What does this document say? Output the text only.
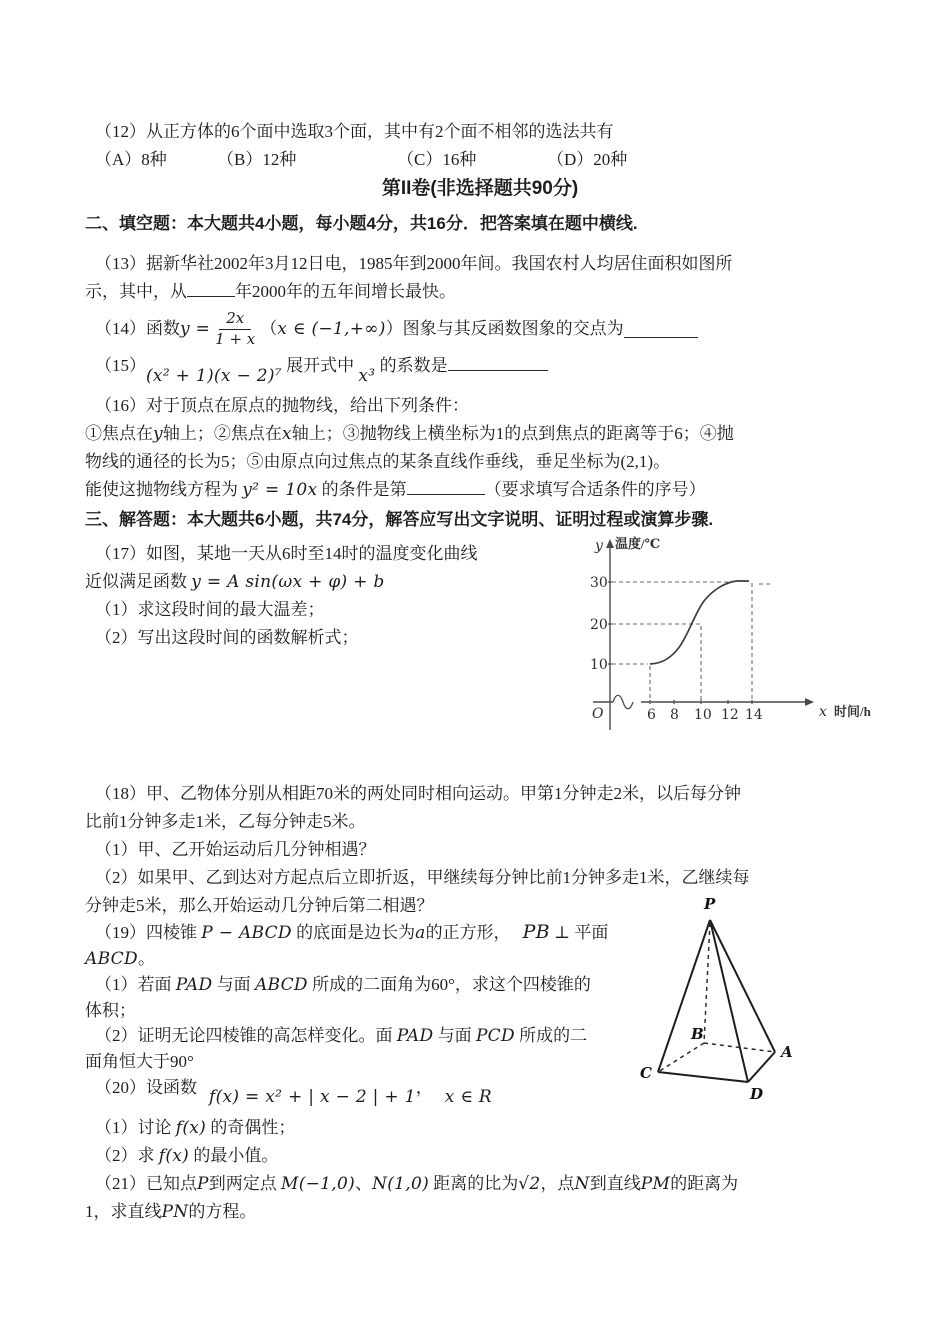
（12）从正方体的6个面中选取3个面，其中有2个面不相邻的选法共有
（A）8种	（B）12种	（C）16种	（D）20种
第II卷(非选择题共90分)
二、填空题：本大题共4小题，每小题4分，共16分．把答案填在题中横线.
（13）据新华社2002年3月12日电，1985年到2000年间。我国农村人均居住面积如图所
示，其中，从	年2000年的五年间增长最快。
（14）函数 $y = \frac{2x}{1 + x}$ （ x ∈ (−1,+∞) ）图象与其反函数图象的交点为
（15）(x² + 1)(x − 2)⁷ 展开式中 x³ 的系数是
（16）对于顶点在原点的抛物线，给出下列条件：
①焦点在y轴上；②焦点在x轴上；③抛物线上横坐标为1的点到焦点的距离等于6；④抛
物线的通径的长为5；⑤由原点向过焦点的某条直线作垂线，垂足坐标为(2,1)。
能使这抛物线方程为 y² = 10x 的条件是第	（要求填写合适条件的序号）
三、解答题：本大题共6小题，共74分，解答应写出文字说明、证明过程或演算步骤.
（17）如图，某地一天从6时至14时的温度变化曲线
近似满足函数 y = A sin(ωx + φ) + b
（1）求这段时间的最大温差；
（2）写出这段时间的函数解析式；
（18）甲、乙物体分别从相距70米的两处同时相向运动。甲第1分钟走2米，以后每分钟
比前1分钟多走1米，乙每分钟走5米。
（1）甲、乙开始运动后几分钟相遇？
（2）如果甲、乙到达对方起点后立即折返，甲继续每分钟比前1分钟多走1米，乙继续每
分钟走5米，那么开始运动几分钟后第二相遇？
（19）四棱锥 P − ABCD 的底面是边长为a的正方形， PB ⊥ 平面
ABCD。
（1）若面 PAD 与面 ABCD 所成的二面角为60°，求这个四棱锥的
体积；
（2）证明无论四棱锥的高怎样变化。面 PAD 与面 PCD 所成的二
面角恒大于90°
（20）设函数 f(x) = x² + | x − 2 | + 1， x ∈ R
（1）讨论 f(x) 的奇偶性；
（2）求 f(x) 的最小值。
（21）已知点P到两定点 M(−1,0)、N(1,0) 距离的比为√2，点N到直线PM的距离为
1，求直线PN的方程。
y 温度/℃
O	x 时间/h
6 8 10 12 14
30
20
10
P
A
B
C
D
